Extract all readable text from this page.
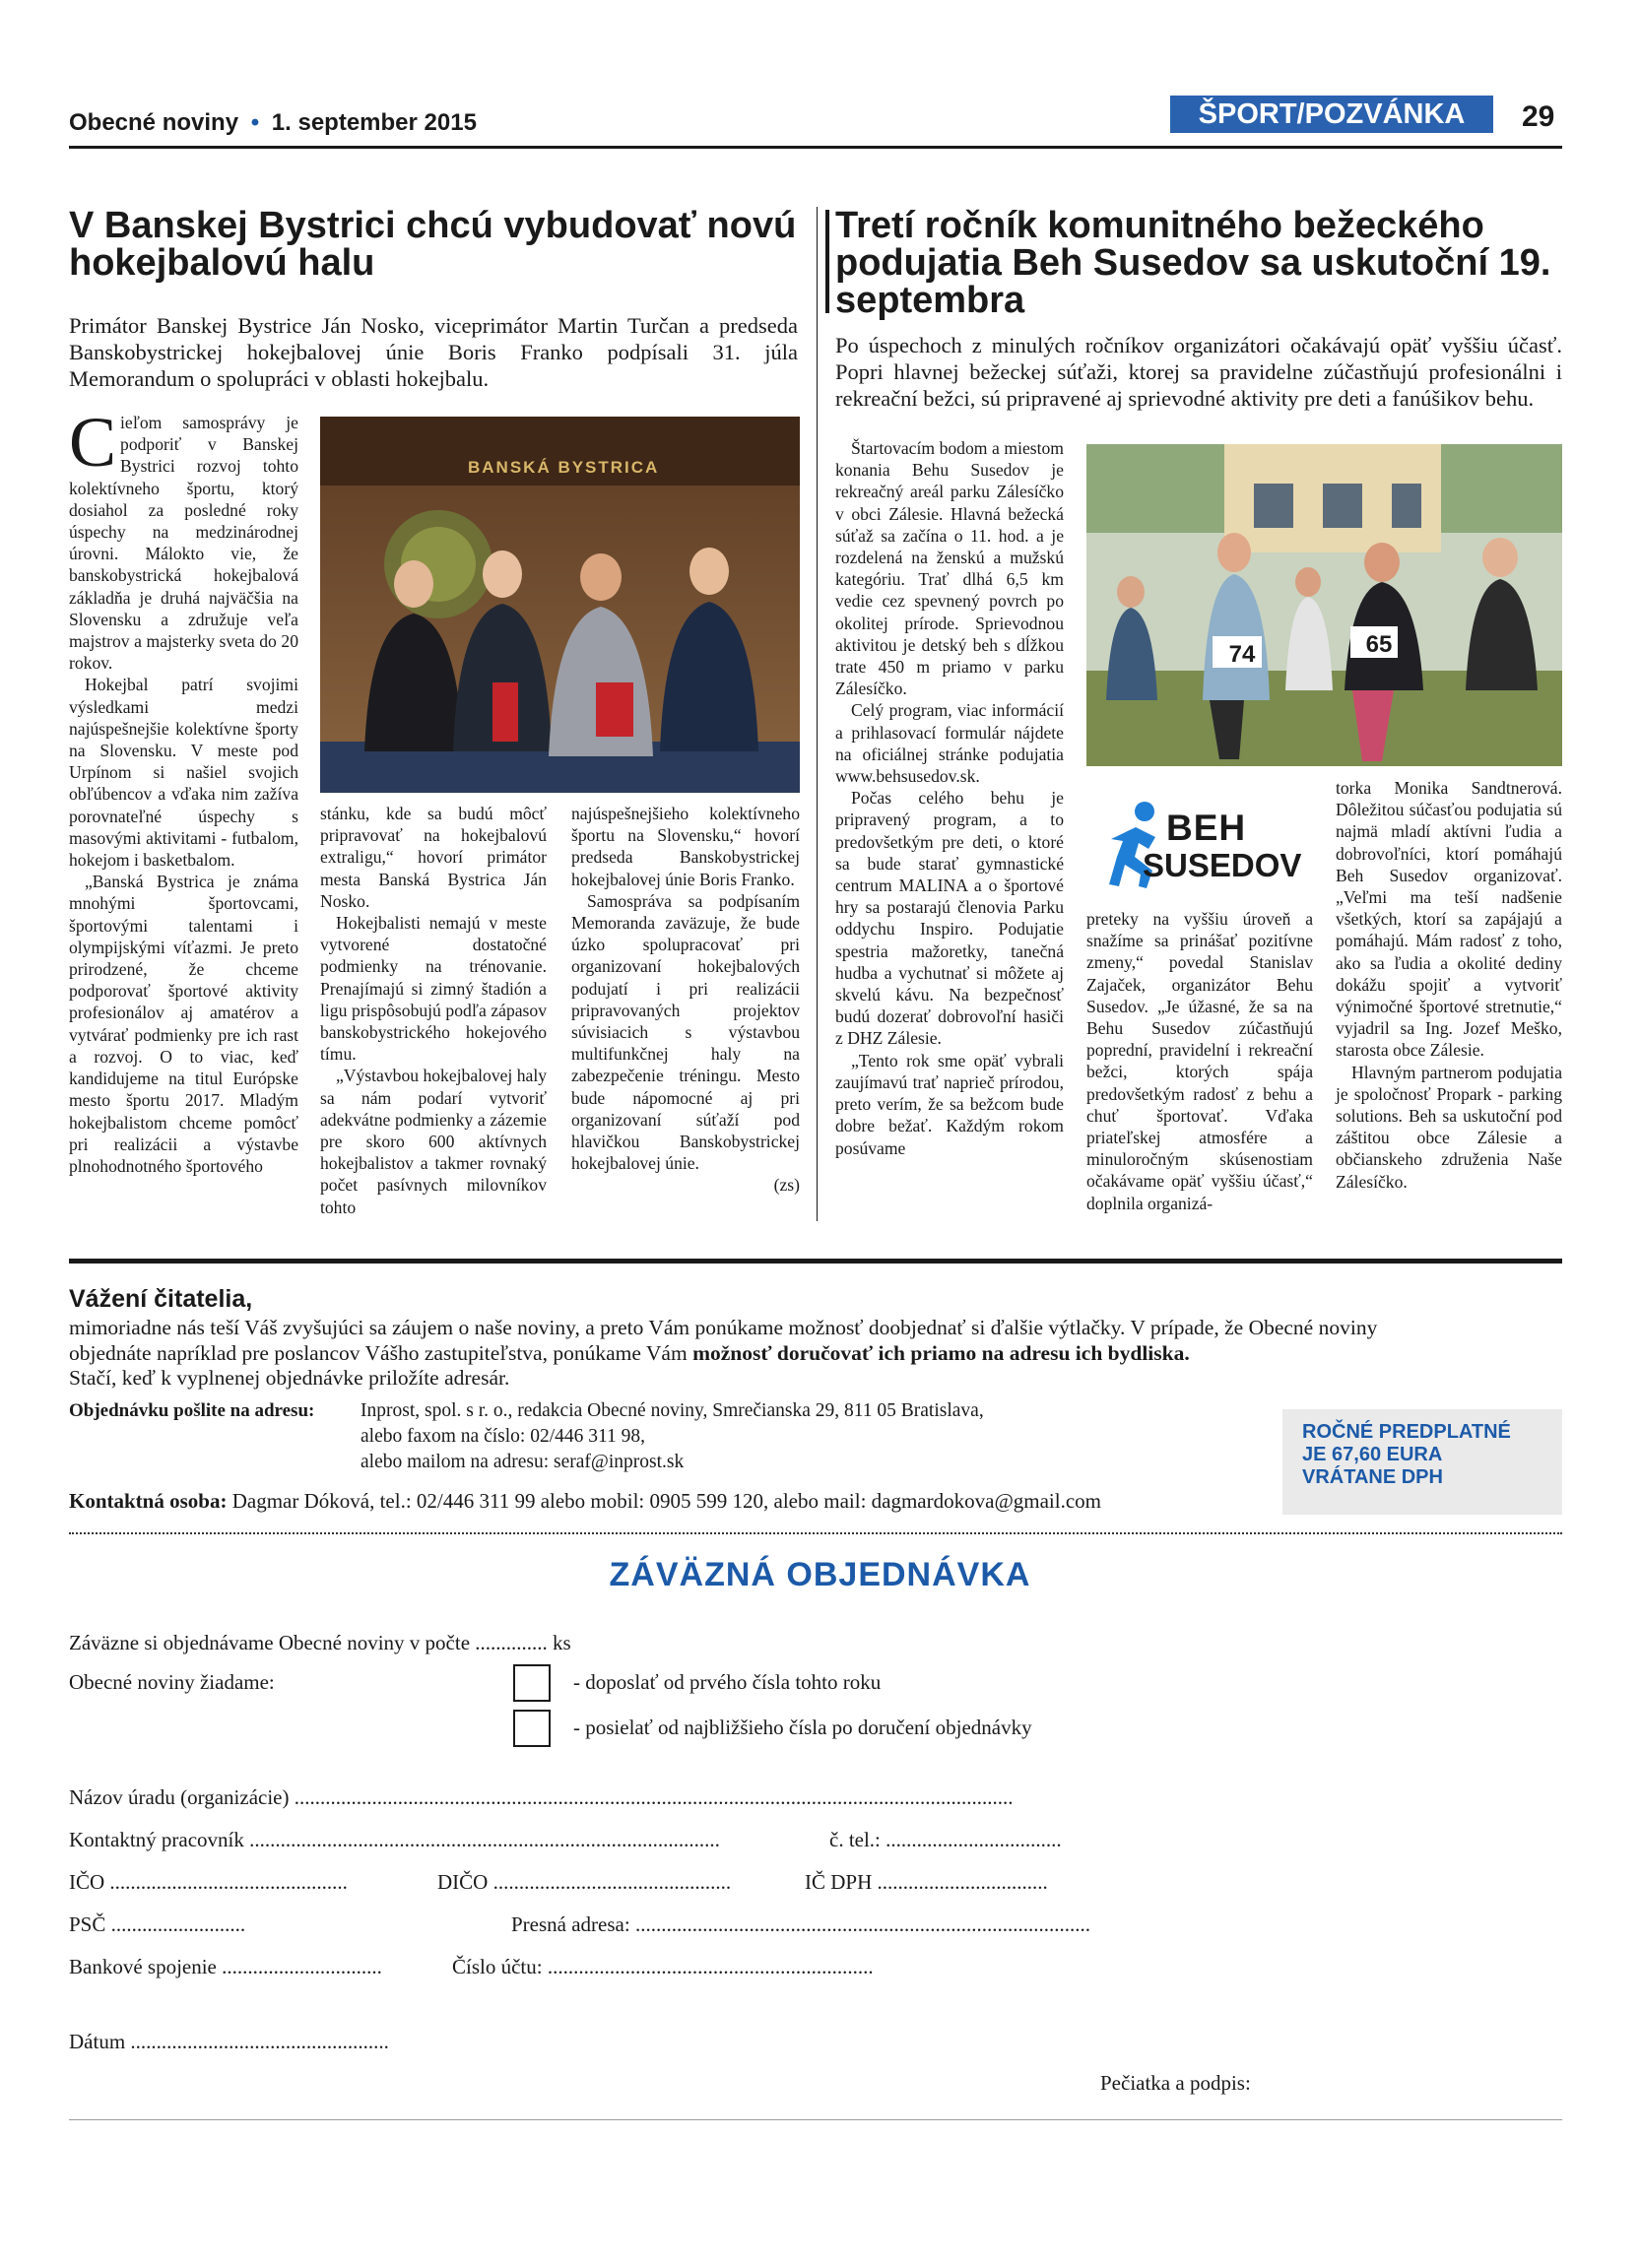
Obecné noviny • 1. september 2015	ŠPORT/POZVÁNKA	29
V Banskej Bystrici chcú vybudovať novú hokejbalovú halu

Primátor Banskej Bystrice Ján Nosko, viceprimátor Martin Turčan a predseda Banskobystrickej hokejbalovej únie Boris Franko podpísali 31. júla Memorandum o spolupráci v oblasti hokejbalu.

Cieľom samosprávy je podporiť v Banskej Bystrici rozvoj tohto kolektívneho športu, ktorý dosiahol za posledné roky úspechy na medzinárodnej úrovni. Málokto vie, že banskobystrická hokejbalová základňa je druhá najväčšia na Slovensku a združuje veľa majstrov a majsterky sveta do 20 rokov.

Hokejbal patrí svojimi výsledkami medzi najúspešnejšie kolektívne športy na Slovensku. V meste pod Urpínom si našiel svojich obľúbencov a vďaka nim zažíva porovnateľné úspechy s masovými aktivitami - futbalom, hokejom i basketbalom.

„Banská Bystrica je známa mnohými športovcami, športovými talentami i olympijskými víťazmi. Je preto prirodzené, že chceme podporovať športové aktivity profesionálov aj amatérov a vytvárať podmienky pre ich rast a rozvoj. O to viac, keď kandidujeme na titul Európske mesto športu 2017. Mladým hokejbalistom chceme pomôcť pri realizácii a výstavbe plnohodnotného športového

BANSKÁ BYSTRICA

stánku, kde sa budú môcť pripravovať na hokejbalovú extraligu,“ hovorí primátor mesta Banská Bystrica Ján Nosko.

Hokejbalisti nemajú v meste vytvorené dostatočné podmienky na trénovanie. Prenajímajú si zimný štadión a ligu prispôsobujú podľa zápasov banskobystrického hokejového tímu.

„Výstavbou hokejbalovej haly sa nám podarí vytvoriť adekvátne podmienky a zázemie pre skoro 600 aktívnych hokejbalistov a takmer rovnaký počet pasívnych milovníkov tohto

najúspešnejšieho kolektívneho športu na Slovensku,“ hovorí predseda Banskobystrickej hokejbalovej únie Boris Franko.

Samospráva sa podpísaním Memoranda zaväzuje, že bude úzko spolupracovať pri organizovaní hokejbalových podujatí i pri realizácii pripravovaných projektov súvisiacich s výstavbou multifunkčnej haly na zabezpečenie tréningu. Mesto bude nápomocné aj pri organizovaní súťaží pod hlavičkou Banskobystrickej hokejbalovej únie.

(zs)

Tretí ročník komunitného bežeckého podujatia Beh Susedov sa uskutoční 19. septembra

Po úspechoch z minulých ročníkov organizátori očakávajú opäť vyššiu účasť. Popri hlavnej bežeckej súťaži, ktorej sa pravidelne zúčastňujú profesionálni i rekreační bežci, sú pripravené aj sprievodné aktivity pre deti a fanúšikov behu.

74	65

Štartovacím bodom a miestom konania Behu Susedov je rekreačný areál parku Zálesíčko v obci Zálesie. Hlavná bežecká súťaž sa začína o 11. hod. a je rozdelená na ženskú a mužskú kategóriu. Trať dlhá 6,5 km vedie cez spevnený povrch po okolitej prírode. Sprievodnou aktivitou je detský beh s dĺžkou trate 450 m priamo v parku Zálesíčko.

Celý program, viac informácií a prihlasovací formulár nájdete na oficiálnej stránke podujatia www.behsusedov.sk.

Počas celého behu je pripravený program, a to predovšetkým pre deti, o ktoré sa bude starať gymnastické centrum MALINA a o športové hry sa postarajú členovia Parku oddychu Inspiro. Podujatie spestria mažoretky, tanečná hudba a vychutnať si môžete aj skvelú kávu. Na bezpečnosť budú dozerať dobrovoľní hasiči z DHZ Zálesie.

„Tento rok sme opäť vybrali zaujímavú trať naprieč prírodou, preto verím, že sa bežcom bude dobre bežať. Každým rokom posúvame

BEH
SUSEDOV

preteky na vyššiu úroveň a snažíme sa prinášať pozitívne zmeny,“ povedal Stanislav Zajaček, organizátor Behu Susedov. „Je úžasné, že sa na Behu Susedov zúčastňujú poprední, pravidelní i rekreační bežci, ktorých spája predovšetkým radosť z behu a chuť športovať. Vďaka priateľskej atmosfére a minuloročným skúsenostiam očakávame opäť vyššiu účasť,“ doplnila organizá-

torka Monika Sandtnerová. Dôležitou súčasťou podujatia sú najmä mladí aktívni ľudia a dobrovoľníci, ktorí pomáhajú Beh Susedov organizovať. „Veľmi ma teší nadšenie všetkých, ktorí sa zapájajú a pomáhajú. Mám radosť z toho, ako sa ľudia a okolité dediny dokážu spojiť a vytvoriť výnimočné športové stretnutie,“ vyjadril sa Ing. Jozef Meško, starosta obce Zálesie.

Hlavným partnerom podujatia je spoločnosť Propark - parking solutions. Beh sa uskutoční pod záštitou obce Zálesie a občianskeho združenia Naše Zálesíčko.

Vážení čitatelia,
mimoriadne nás teší Váš zvyšujúci sa záujem o naše noviny, a preto Vám ponúkame možnosť doobjednať si ďalšie výtlačky. V prípade, že Obecné noviny objednáte napríklad pre poslancov Vášho zastupiteľstva, ponúkame Vám možnosť doručovať ich priamo na adresu ich bydliska.
Stačí, keď k vyplnenej objednávke priložíte adresár.
Objednávku pošlite na adresu: Inprost, spol. s r. o., redakcia Obecné noviny, Smrečianska 29, 811 05 Bratislava,
alebo faxom na číslo: 02/446 311 98,
alebo mailom na adresu: seraf@inprost.sk
Kontaktná osoba: Dagmar Dóková, tel.: 02/446 311 99 alebo mobil: 0905 599 120, alebo mail: dagmardokova@gmail.com
ROČNÉ PREDPLATNÉ
JE 67,60 EURA
VRÁTANE DPH
ZÁVÄZNÁ OBJEDNÁVKA
Záväzne si objednávame Obecné noviny v počte .............. ks
Obecné noviny žiadame:	- doposlať od prvého čísla tohto roku
- posielať od najbližšieho čísla po doručení objednávky
Názov úradu (organizácie) ...........................................................................................................................................
Kontaktný pracovník ...........................................................................................	č. tel.: ..................................
IČO ..............................................	DIČO ..............................................	IČ DPH .................................
PSČ ..........................	Presná adresa: ........................................................................................
Bankové spojenie ...............................	Číslo účtu: ...............................................................
Dátum ..................................................
Pečiatka a podpis:
